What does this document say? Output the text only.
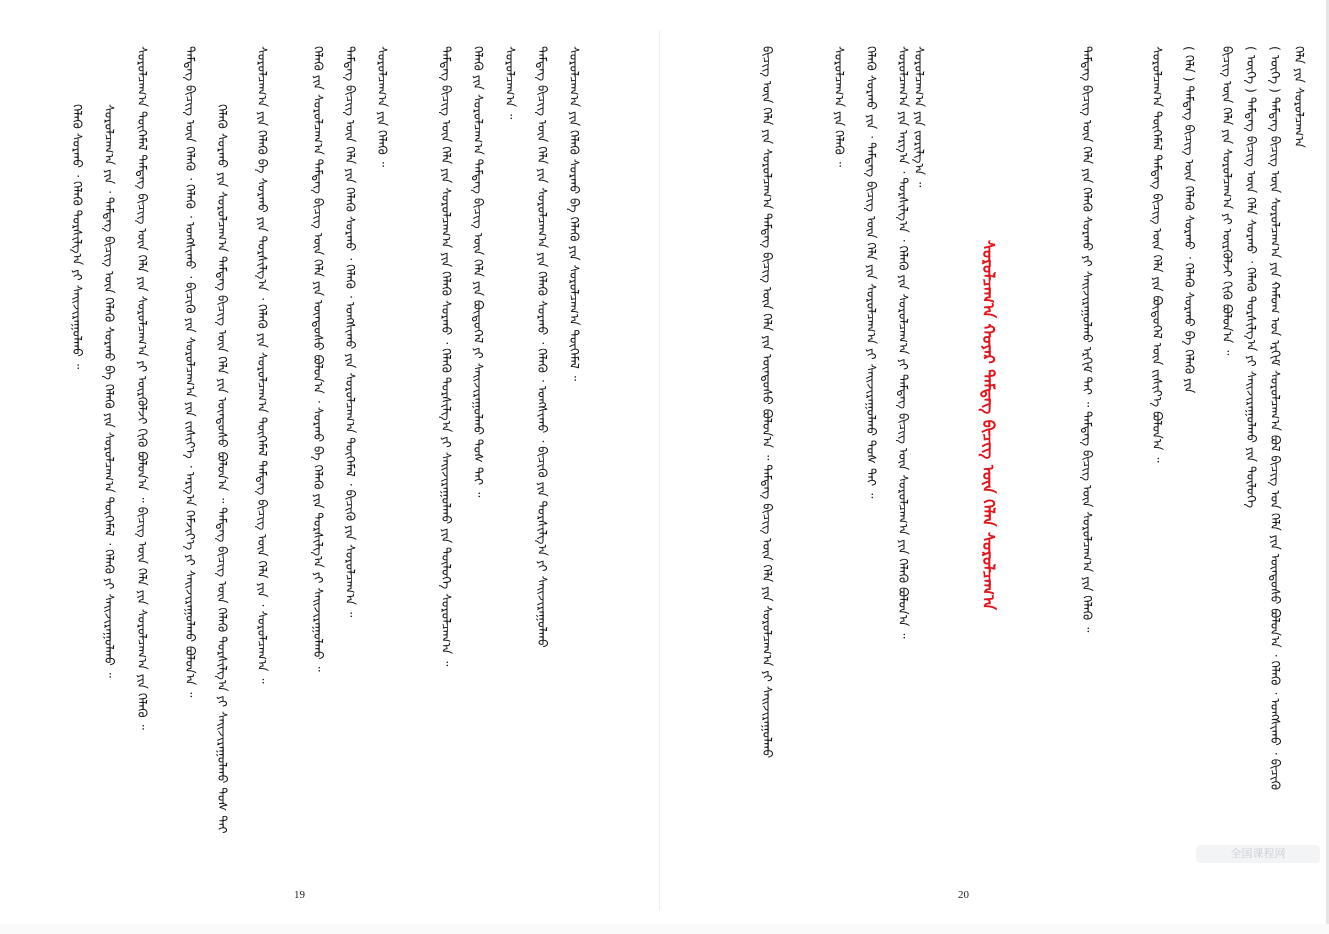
ᠰᠤᠷᠤᠯᠴᠠᠭ᠎ᠠ ᠲᠦᠭᠡᠮᠡᠯ ᠲᠡᠮᠳᠡᠭ ᠪᠢᠴᠢᠭ ᠦᠨ ᠬᠡᠯᠡ ᠶᠢᠨ ᠰᠤᠷᠤᠯᠴᠠᠭ᠎ᠠ ᠶᠢ ᠦᠷᠭᠦᠯᠵᠢ ᠬᠢᠬᠦ ᠪᠣᠯᠤᠨ᠎ᠠ ᠃ ᠪᠢᠴᠢᠭ ᠦᠨ ᠬᠡᠯᠡ ᠶᠢᠨ ᠰᠤᠷᠤᠯᠴᠠᠭ᠎ᠠ ᠶᠢᠨ ᠬᠡᠯᠡᠬᠦ ᠃
ᠰᠤᠷᠤᠯᠴᠠᠭ᠎ᠠ ᠶᠢᠨ ᠂ ᠲᠡᠮᠳᠡᠭ ᠪᠢᠴᠢᠭ ᠦᠨ ᠬᠡᠯᠡᠬᠦ ᠰᠤᠷᠬᠤ ᠪᠠ ᠬᠡᠯᠡᠬᠦ ᠶᠢᠨ ᠰᠤᠷᠤᠯᠴᠠᠭ᠎ᠠ ᠲᠦᠭᠡᠮᠡᠯ ᠂ ᠬᠡᠯᠡᠬᠦ ᠶᠢ ᠰᠠᠢᠵᠢᠷᠠᠭᠤᠯᠬᠤ ᠃
ᠬᠡᠯᠡᠬᠦ ᠰᠤᠷᠬᠤ ᠂ ᠬᠡᠯᠡᠬᠦ ᠲᠤᠷᠰᠢᠯᠭ᠎ᠠ ᠶᠢ ᠰᠠᠢᠵᠢᠷᠠᠭᠤᠯᠬᠤ ᠃	ᠲᠡᠮᠳᠡᠭ ᠪᠢᠴᠢᠭ ᠦᠨ ᠬᠡᠯᠡᠬᠦ ᠂ ᠬᠡᠯᠡᠬᠦ ᠂ ᠤᠩᠰᠢᠬᠤ ᠂ ᠪᠢᠴᠢᠬᠦ ᠶᠢᠨ ᠰᠤᠷᠤᠯᠴᠠᠭ᠎ᠠ ᠶᠢᠨ ᠵᠢᠱᠢᠶ᠎ᠡ ᠂ ᠠᠷᠭ᠎ᠠ ᠬᠡᠮᠵᠢᠶ᠎ᠡ ᠶᠢ ᠰᠠᠢᠵᠢᠷᠠᠭᠤᠯᠬᠤ ᠪᠣᠯᠤᠨ᠎ᠠ ᠃ ᠬᠡᠯᠡᠬᠦ ᠰᠤᠷᠬᠤ ᠶᠢᠨ ᠰᠤᠷᠤᠯᠴᠠᠭ᠎ᠠ ᠲᠡᠮᠳᠡᠭ ᠪᠢᠴᠢᠭ ᠦᠨ ᠬᠡᠯᠡ ᠶᠢᠨ ᠦᠨᠳᠦᠰᠦ ᠪᠣᠯᠤᠨ᠎ᠠ ᠃ ᠲᠡᠮᠳᠡᠭ ᠪᠢᠴᠢᠭ ᠦᠨ ᠬᠡᠯᠡᠬᠦ ᠲᠤᠷᠰᠢᠯᠭ᠎ᠠ ᠶᠢ ᠰᠠᠢᠵᠢᠷᠠᠭᠤᠯᠬᠤ ᠲᠤᠰ ᠲᠠᠢ ᠰᠤᠷᠤᠯᠴᠠᠭ᠎ᠠ ᠶᠢᠨ ᠬᠡᠯᠡᠬᠦ ᠪᠠ ᠰᠤᠷᠬᠤ ᠶᠢᠨ ᠲᠤᠷᠰᠢᠯᠭ᠎ᠠ ᠂ ᠬᠡᠯᠡᠬᠦ ᠶᠢᠨ ᠰᠤᠷᠤᠯᠴᠠᠭ᠎ᠠ ᠲᠦᠭᠡᠮᠡᠯ ᠲᠡᠮᠳᠡᠭ ᠪᠢᠴᠢᠭ ᠦᠨ ᠬᠡᠯᠡ ᠶᠢᠨ ᠂ ᠰᠤᠷᠤᠯᠴᠠᠭ᠎ᠠ ᠃	ᠬᠡᠯᠡᠬᠦ ᠶᠢᠨ ᠰᠤᠷᠤᠯᠴᠠᠭ᠎ᠠ ᠲᠡᠮᠳᠡᠭ ᠪᠢᠴᠢᠭ ᠦᠨ ᠬᠡᠯᠡ ᠶᠢᠨ ᠦᠨᠳᠦᠰᠦ ᠪᠣᠯᠤᠨ᠎ᠠ ᠂ ᠰᠤᠷᠬᠤ ᠪᠠ ᠬᠡᠯᠡᠬᠦ ᠶᠢᠨ ᠲᠤᠷᠰᠢᠯᠭ᠎ᠠ ᠶᠢ ᠰᠠᠢᠵᠢᠷᠠᠭᠤᠯᠬᠤ ᠃ ᠲᠡᠮᠳᠡᠭ ᠪᠢᠴᠢᠭ ᠦᠨ ᠬᠡᠯᠡ ᠶᠢᠨ ᠬᠡᠯᠡᠬᠦ ᠰᠤᠷᠬᠤ ᠂ ᠬᠡᠯᠡᠬᠦ ᠂ ᠤᠩᠰᠢᠬᠤ ᠶᠢᠨ ᠰᠤᠷᠤᠯᠴᠠᠭ᠎ᠠ ᠲᠦᠭᠡᠮᠡᠯ ᠂ ᠪᠢᠴᠢᠬᠦ ᠶᠢᠨ ᠰᠤᠷᠤᠯᠴᠠᠭ᠎ᠠ ᠃ ᠰᠤᠷᠤᠯᠴᠠᠭ᠎ᠠ ᠶᠢᠨ ᠬᠡᠯᠡᠬᠦ ᠃	ᠲᠡᠮᠳᠡᠭ ᠪᠢᠴᠢᠭ ᠦᠨ ᠬᠡᠯᠡ ᠶᠢᠨ ᠰᠤᠷᠤᠯᠴᠠᠭ᠎ᠠ ᠶᠢᠨ ᠬᠡᠯᠡᠬᠦ ᠰᠤᠷᠬᠤ ᠂ ᠬᠡᠯᠡᠬᠦ ᠲᠤᠷᠰᠢᠯᠭ᠎ᠠ ᠶᠢ ᠰᠠᠢᠵᠢᠷᠠᠭᠤᠯᠬᠤ ᠶᠢᠨ ᠲᠥᠯᠦᠭᠡ ᠰᠤᠷᠤᠯᠴᠠᠭ᠎ᠠ ᠃ ᠬᠡᠯᠡᠬᠦ ᠶᠢᠨ ᠰᠤᠷᠤᠯᠴᠠᠭ᠎ᠠ ᠲᠡᠮᠳᠡᠭ ᠪᠢᠴᠢᠭ ᠦᠨ ᠬᠡᠯᠡ ᠶᠢᠨ ᠪᠦᠲᠦᠭᠡᠯ ᠶᠢ ᠰᠠᠢᠵᠢᠷᠠᠭᠤᠯᠬᠤ ᠲᠤᠰ ᠲᠠᠢ ᠃ ᠰᠤᠷᠤᠯᠴᠠᠭ᠎ᠠ ᠃ ᠲᠡᠮᠳᠡᠭ ᠪᠢᠴᠢᠭ ᠦᠨ ᠬᠡᠯᠡ ᠶᠢᠨ ᠰᠤᠷᠤᠯᠴᠠᠭ᠎ᠠ ᠶᠢᠨ ᠬᠡᠯᠡᠬᠦ ᠰᠤᠷᠬᠤ ᠂ ᠬᠡᠯᠡᠬᠦ ᠂ ᠤᠩᠰᠢᠬᠤ ᠂ ᠪᠢᠴᠢᠬᠦ ᠶᠢᠨ ᠲᠤᠷᠰᠢᠯᠭ᠎ᠠ ᠶᠢ ᠰᠠᠢᠵᠢᠷᠠᠭᠤᠯᠬᠤ ᠰᠤᠷᠤᠯᠴᠠᠭ᠎ᠠ ᠶᠢᠨ ᠬᠡᠯᠡᠬᠦ ᠰᠤᠷᠬᠤ ᠪᠠ ᠬᠡᠯᠡᠬᠦ ᠶᠢᠨ ᠰᠤᠷᠤᠯᠴᠠᠭ᠎ᠠ ᠲᠦᠭᠡᠮᠡᠯ ᠃
19
ᠪᠢᠴᠢᠭ ᠦᠨ ᠬᠡᠯᠡ ᠶᠢᠨ ᠰᠤᠷᠤᠯᠴᠠᠭ᠎ᠠ ᠲᠡᠮᠳᠡᠭ ᠪᠢᠴᠢᠭ ᠦᠨ ᠬᠡᠯᠡ ᠶᠢᠨ ᠦᠨᠳᠦᠰᠦ ᠪᠣᠯᠤᠨ᠎ᠠ ᠃ ᠲᠡᠮᠳᠡᠭ ᠪᠢᠴᠢᠭ ᠦᠨ ᠬᠡᠯᠡ ᠶᠢᠨ ᠰᠤᠷᠤᠯᠴᠠᠭ᠎ᠠ ᠶᠢ ᠰᠠᠢᠵᠢᠷᠠᠭᠤᠯᠬᠤ	ᠰᠤᠷᠤᠯᠴᠠᠭ᠎ᠠ ᠶᠢᠨ ᠬᠡᠯᠡᠬᠦ ᠃ ᠬᠡᠯᠡᠬᠦ ᠰᠤᠷᠬᠤ ᠶᠢᠨ ᠂ ᠲᠡᠮᠳᠡᠭ ᠪᠢᠴᠢᠭ ᠦᠨ ᠬᠡᠯᠡ ᠶᠢᠨ ᠰᠤᠷᠤᠯᠴᠠᠭ᠎ᠠ ᠶᠢ ᠰᠠᠢᠵᠢᠷᠠᠭᠤᠯᠬᠤ ᠲᠤᠰ ᠲᠠᠢ ᠃ ᠰᠤᠷᠤᠯᠴᠠᠭ᠎ᠠ ᠶᠢᠨ ᠠᠷᠭ᠎ᠠ ᠂ ᠲᠤᠷᠰᠢᠯᠭ᠎ᠠ ᠂ ᠬᠡᠯᠡᠬᠦ ᠶᠢᠨ ᠰᠤᠷᠤᠯᠴᠠᠭ᠎ᠠ ᠶᠢ ᠲᠡᠮᠳᠡᠭ ᠪᠢᠴᠢᠭ ᠦᠨ ᠰᠤᠷᠤᠯᠴᠠᠭ᠎ᠠ ᠶᠢᠨ ᠬᠡᠯᠡᠬᠦ ᠪᠣᠯᠤᠨ᠎ᠠ ᠃ ᠰᠤᠷᠤᠯᠴᠠᠭ᠎ᠠ ᠶᠢᠨ ᠵᠣᠷᠢᠯᠭ᠎ᠠ ᠃
ᠰᠤᠷᠤᠯᠴᠠᠭ᠎ᠠ ᠬᠤᠶᠠᠷ ᠲᠡᠮᠳᠡᠭ ᠪᠢᠴᠢᠭ ᠦᠨ ᠬᠡᠯᠡᠨ ᠰᠤᠷᠤᠯᠴᠠᠭ᠎ᠠ	ᠲᠡᠮᠳᠡᠭ ᠪᠢᠴᠢᠭ ᠦᠨ ᠬᠡᠯᠡ ᠶᠢᠨ ᠬᠡᠯᠡᠬᠦ ᠰᠤᠷᠬᠤ ᠶᠢ ᠰᠠᠢᠵᠢᠷᠠᠭᠤᠯᠬᠤ ᠡᠷᠬᠢᠮ ᠲᠠᠢ ᠃ ᠲᠡᠮᠳᠡᠭ ᠪᠢᠴᠢᠭ ᠦᠨ ᠰᠤᠷᠤᠯᠴᠠᠭ᠎ᠠ ᠶᠢᠨ ᠬᠡᠯᠡᠬᠦ ᠃	ᠰᠤᠷᠤᠯᠴᠠᠭ᠎ᠠ ᠲᠦᠭᠡᠮᠡᠯ ᠲᠡᠮᠳᠡᠭ ᠪᠢᠴᠢᠭ ᠦᠨ ᠬᠡᠯᠡ ᠶᠢᠨ ᠪᠦᠲᠦᠭᠡᠯ ᠦᠨ ᠵᠢᠱᠢᠶ᠎ᠡ ᠪᠣᠯᠤᠨ᠎ᠠ ᠃ ( ᠬᠡᠯᠡ ) ᠲᠡᠮᠳᠡᠭ ᠪᠢᠴᠢᠭ ᠦᠨ ᠬᠡᠯᠡᠬᠦ ᠰᠤᠷᠬᠤ ᠂ ᠬᠡᠯᠡᠬᠦ ᠰᠤᠷᠬᠤ ᠪᠠ ᠬᠡᠯᠡᠬᠦ ᠶᠢᠨ ᠪᠢᠴᠢᠭ ᠦᠨ ᠬᠡᠯᠡ ᠶᠢᠨ ᠰᠤᠷᠤᠯᠴᠠᠭ᠎ᠠ ᠶᠢ ᠦᠷᠭᠦᠯᠵᠢ ᠬᠢᠬᠦ ᠪᠣᠯᠤᠨ᠎ᠠ ᠃ ( ᠦᠭᠡ ) ᠲᠡᠮᠳᠡᠭ ᠪᠢᠴᠢᠭ ᠦᠨ ᠬᠡᠯᠡ ᠰᠤᠷᠬᠤ ᠂ ᠬᠡᠯᠡᠬᠦ ᠲᠤᠷᠰᠢᠯᠭ᠎ᠠ ᠶᠢ ᠰᠠᠢᠵᠢᠷᠠᠭᠤᠯᠬᠤ ᠶᠢᠨ ᠲᠥᠯᠦᠭᠡ ( ᠦᠭᠡ ) ᠲᠡᠮᠳᠡᠭ ᠪᠢᠴᠢᠭ ᠦᠨ ᠰᠤᠷᠤᠯᠴᠠᠭ᠎ᠠ ᠶᠢᠨ ᠬᠠᠮᠤᠭ ᠤᠨ ᠡᠷᠬᠢᠮ ᠰᠤᠷᠤᠯᠴᠠᠭ᠎ᠠ ᠪᠣᠯ ᠪᠢᠴᠢᠭ ᠤᠨ ᠬᠡᠯᠡ ᠶᠢᠨ ᠦᠨᠳᠦᠰᠦ ᠪᠣᠯᠤᠨ᠎ᠠ ᠂ ᠬᠡᠯᠡᠬᠦ ᠂ ᠤᠩᠰᠢᠬᠤ ᠂ ᠪᠢᠴᠢᠬᠦ ᠬᠡᠯᠡ ᠶᠢᠨ ᠰᠤᠷᠤᠯᠴᠠᠭ᠎ᠠ
20
全国课程网
